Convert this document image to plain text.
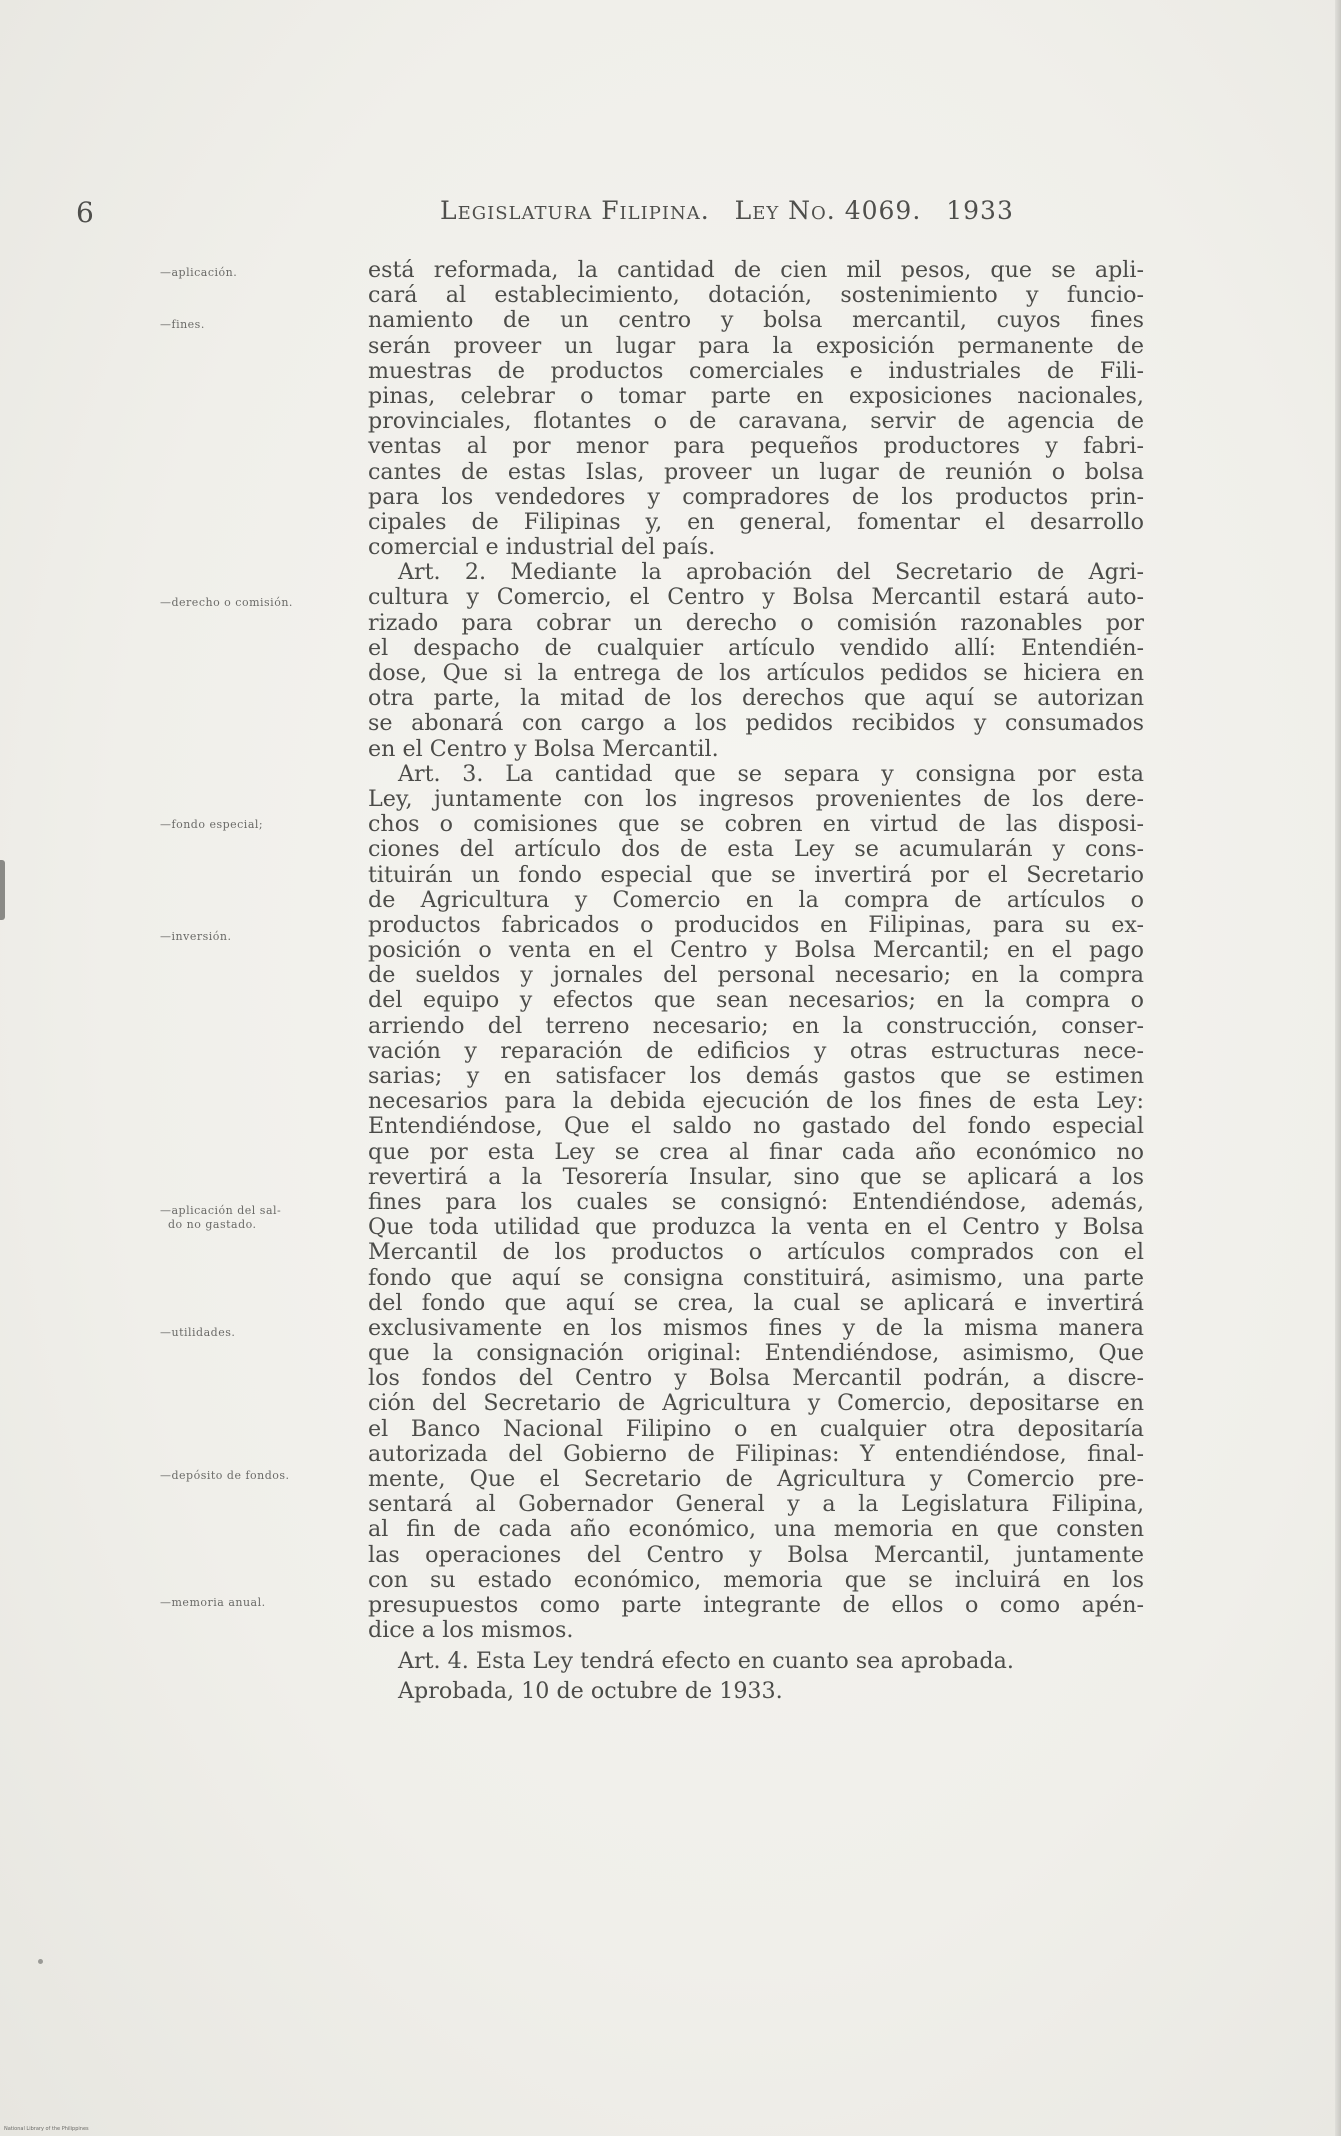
6	Legislatura Filipina. Ley No. 4069. 1933
—aplicación.
—fines.
—derecho o comisión.
—fondo especial;
—inversión.
—aplicación del sal-
do no gastado.
—utilidades.
—depósito de fondos.
—memoria anual.
está reformada, la cantidad de cien mil pesos, que se apli-
cará al establecimiento, dotación, sostenimiento y funcio-
namiento de un centro y bolsa mercantil, cuyos fines
serán proveer un lugar para la exposición permanente de
muestras de productos comerciales e industriales de Fili-
pinas, celebrar o tomar parte en exposiciones nacionales,
provinciales, flotantes o de caravana, servir de agencia de
ventas al por menor para pequeños productores y fabri-
cantes de estas Islas, proveer un lugar de reunión o bolsa
para los vendedores y compradores de los productos prin-
cipales de Filipinas y, en general, fomentar el desarrollo
comercial e industrial del país.
Art. 2. Mediante la aprobación del Secretario de Agri-
cultura y Comercio, el Centro y Bolsa Mercantil estará auto-
rizado para cobrar un derecho o comisión razonables por
el despacho de cualquier artículo vendido allí: Entendién-
dose, Que si la entrega de los artículos pedidos se hiciera en
otra parte, la mitad de los derechos que aquí se autorizan
se abonará con cargo a los pedidos recibidos y consumados
en el Centro y Bolsa Mercantil.
Art. 3. La cantidad que se separa y consigna por esta
Ley, juntamente con los ingresos provenientes de los dere-
chos o comisiones que se cobren en virtud de las disposi-
ciones del artículo dos de esta Ley se acumularán y cons-
tituirán un fondo especial que se invertirá por el Secretario
de Agricultura y Comercio en la compra de artículos o
productos fabricados o producidos en Filipinas, para su ex-
posición o venta en el Centro y Bolsa Mercantil; en el pago
de sueldos y jornales del personal necesario; en la compra
del equipo y efectos que sean necesarios; en la compra o
arriendo del terreno necesario; en la construcción, conser-
vación y reparación de edificios y otras estructuras nece-
sarias; y en satisfacer los demás gastos que se estimen
necesarios para la debida ejecución de los fines de esta Ley:
Entendiéndose, Que el saldo no gastado del fondo especial
que por esta Ley se crea al finar cada año económico no
revertirá a la Tesorería Insular, sino que se aplicará a los
fines para los cuales se consignó: Entendiéndose, además,
Que toda utilidad que produzca la venta en el Centro y Bolsa
Mercantil de los productos o artículos comprados con el
fondo que aquí se consigna constituirá, asimismo, una parte
del fondo que aquí se crea, la cual se aplicará e invertirá
exclusivamente en los mismos fines y de la misma manera
que la consignación original: Entendiéndose, asimismo, Que
los fondos del Centro y Bolsa Mercantil podrán, a discre-
ción del Secretario de Agricultura y Comercio, depositarse en
el Banco Nacional Filipino o en cualquier otra depositaría
autorizada del Gobierno de Filipinas: Y entendiéndose, final-
mente, Que el Secretario de Agricultura y Comercio pre-
sentará al Gobernador General y a la Legislatura Filipina,
al fin de cada año económico, una memoria en que consten
las operaciones del Centro y Bolsa Mercantil, juntamente
con su estado económico, memoria que se incluirá en los
presupuestos como parte integrante de ellos o como apén-
dice a los mismos.
Art. 4. Esta Ley tendrá efecto en cuanto sea aprobada.
Aprobada, 10 de octubre de 1933.
National Library of the Philippines
